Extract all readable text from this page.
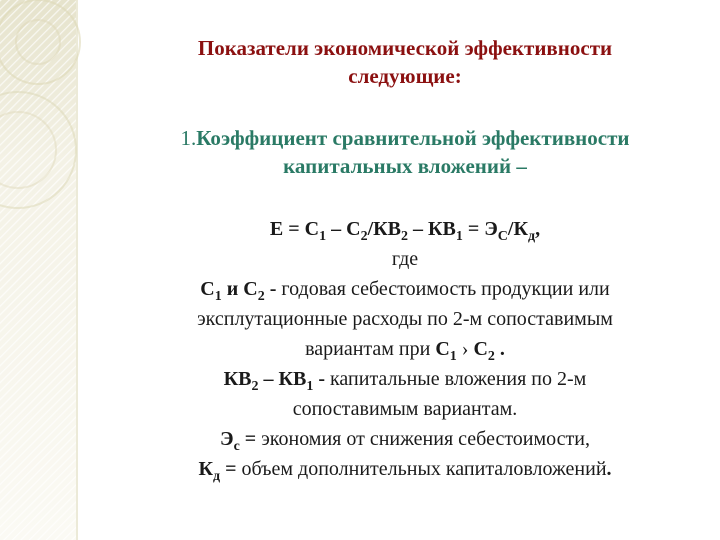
Показатели экономической эффективности
следующие:
1.Коэффициент сравнительной эффективности
капитальных вложений –
$Е = С_1 - С_2/КВ_2 - КВ_1 = Э_С/К_д$,
где
$С_1$ и $С_2$ - годовая себестоимость продукции или
эксплутационные расходы по 2-м сопоставимым
вариантам при $С_1$ › $С_2$ .
$КВ_2 - КВ_1$ - капитальные вложения по 2-м
сопоставимым вариантам.
$Э_с$ = экономия от снижения себестоимости,
$К_д$ = объем дополнительных капиталовложений.
